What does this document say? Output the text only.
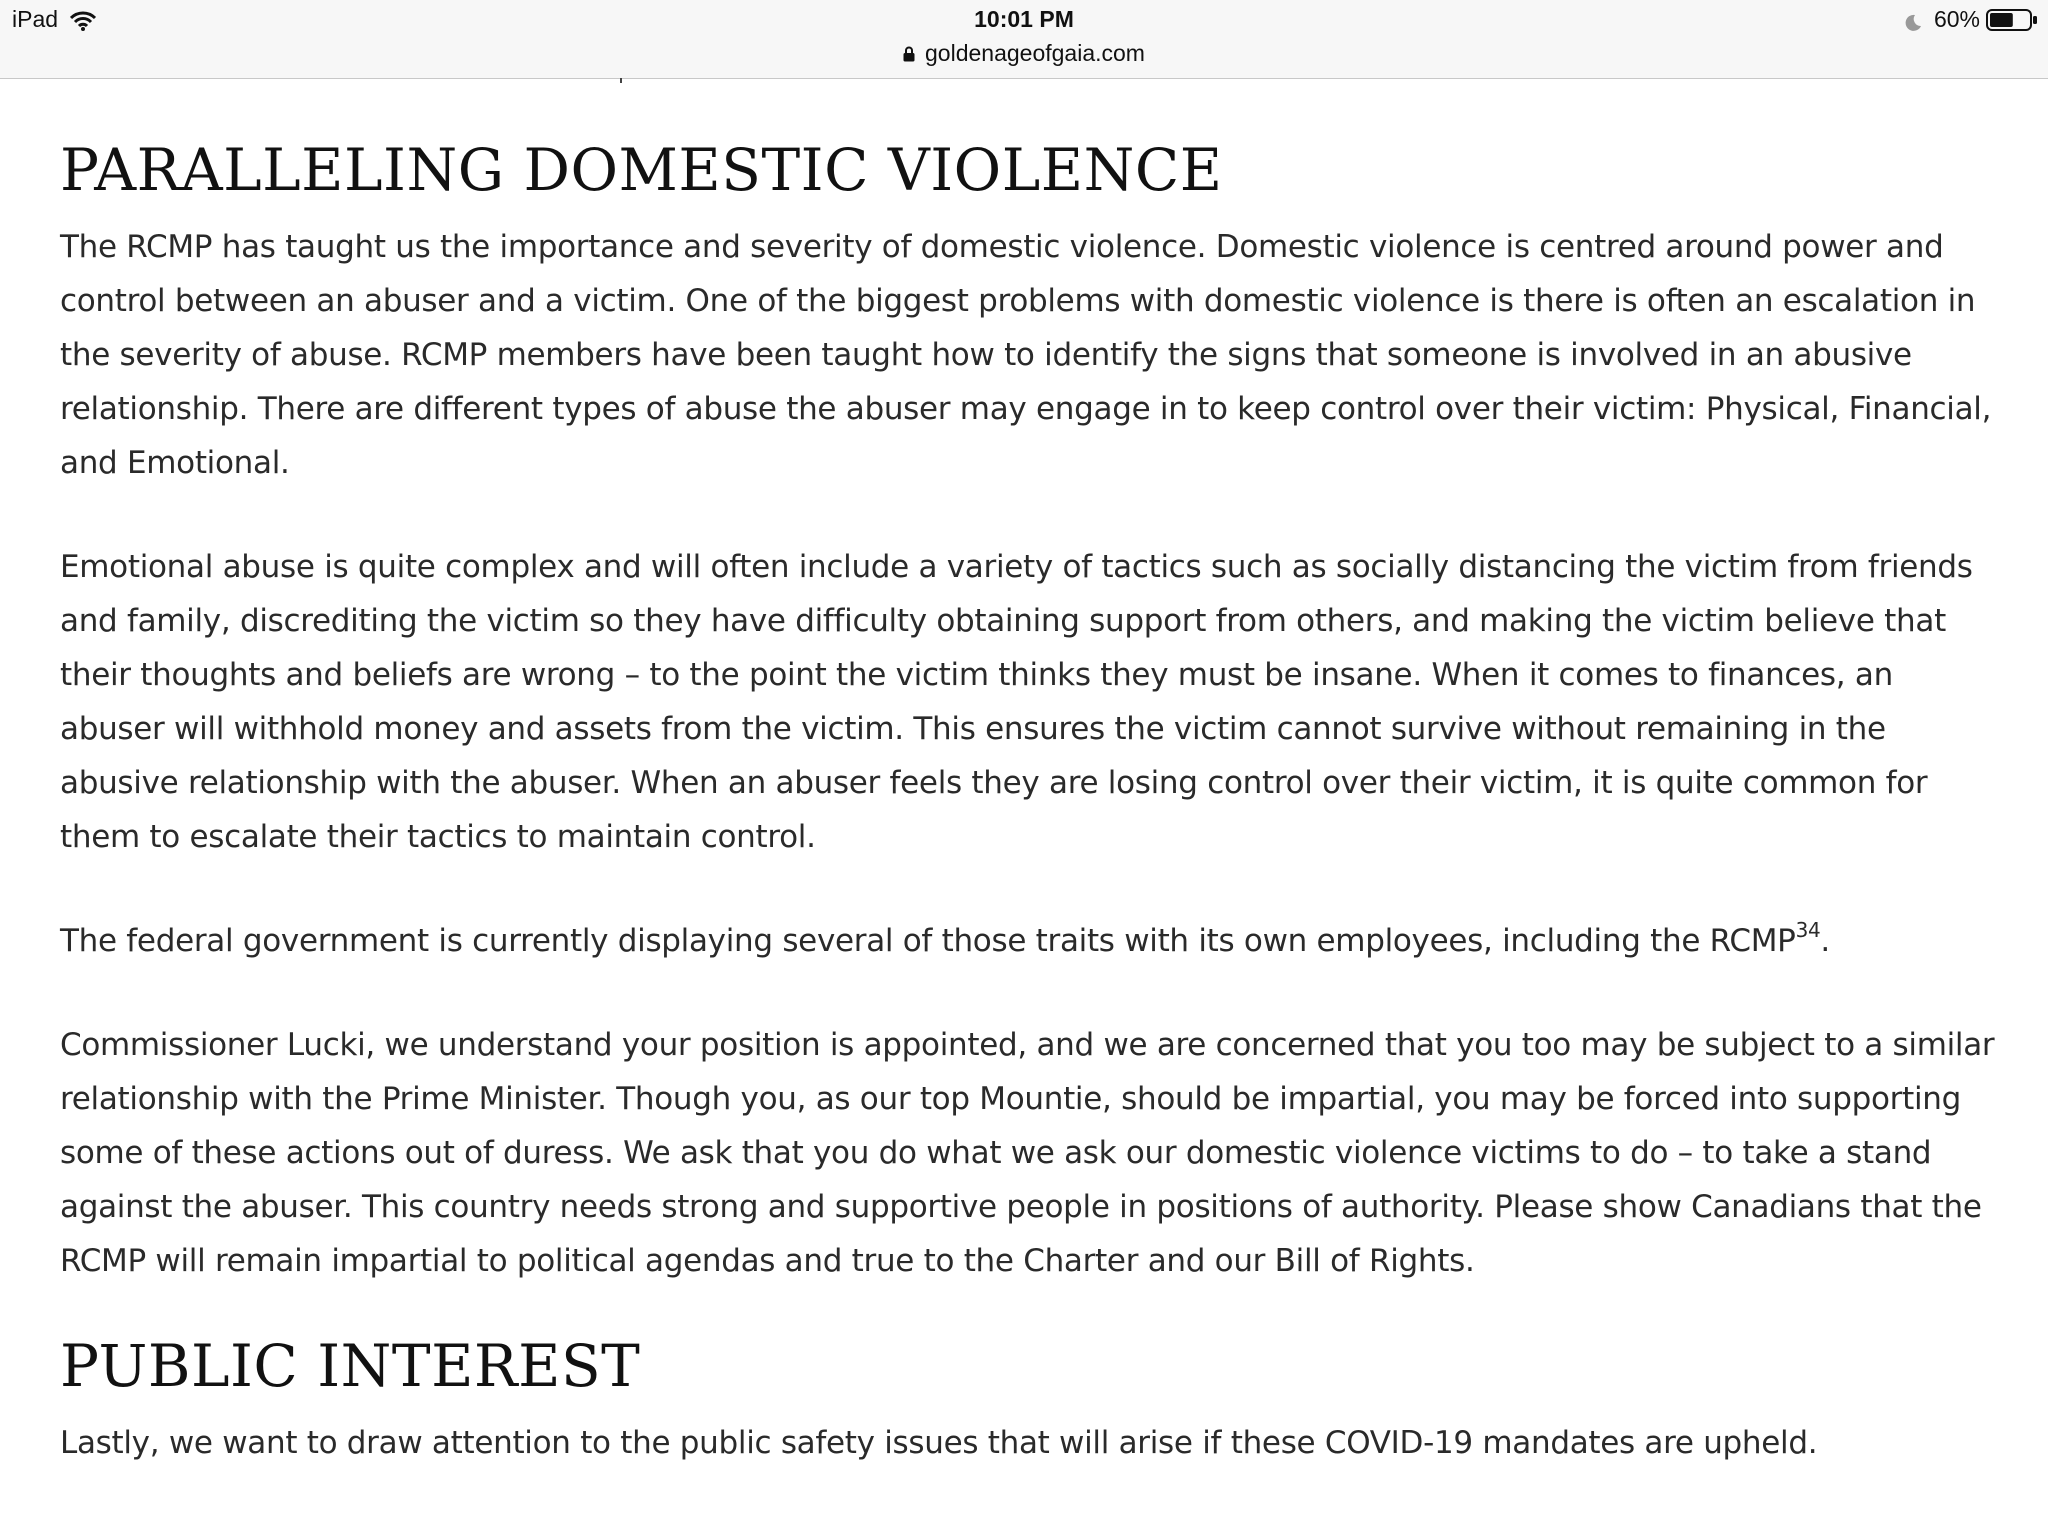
iPad	10:01 PM
goldenageofgaia.com
60%
PARALLELING DOMESTIC VIOLENCE

The RCMP has taught us the importance and severity of domestic violence. Domestic violence is centred around power and control between an abuser and a victim. One of the biggest problems with domestic violence is there is often an escalation in the severity of abuse. RCMP members have been taught how to identify the signs that someone is involved in an abusive relationship. There are different types of abuse the abuser may engage in to keep control over their victim: Physical, Financial, and Emotional.

Emotional abuse is quite complex and will often include a variety of tactics such as socially distancing the victim from friends and family, discrediting the victim so they have difficulty obtaining support from others, and making the victim believe that their thoughts and beliefs are wrong – to the point the victim thinks they must be insane. When it comes to finances, an abuser will withhold money and assets from the victim. This ensures the victim cannot survive without remaining in the abusive relationship with the abuser. When an abuser feels they are losing control over their victim, it is quite common for them to escalate their tactics to maintain control.

The federal government is currently displaying several of those traits with its own employees, including the RCMP$^{34}$.

Commissioner Lucki, we understand your position is appointed, and we are concerned that you too may be subject to a similar relationship with the Prime Minister. Though you, as our top Mountie, should be impartial, you may be forced into supporting some of these actions out of duress. We ask that you do what we ask our domestic violence victims to do – to take a stand against the abuser. This country needs strong and supportive people in positions of authority. Please show Canadians that the RCMP will remain impartial to political agendas and true to the Charter and our Bill of Rights.

PUBLIC INTEREST

Lastly, we want to draw attention to the public safety issues that will arise if these COVID-19 mandates are upheld.
